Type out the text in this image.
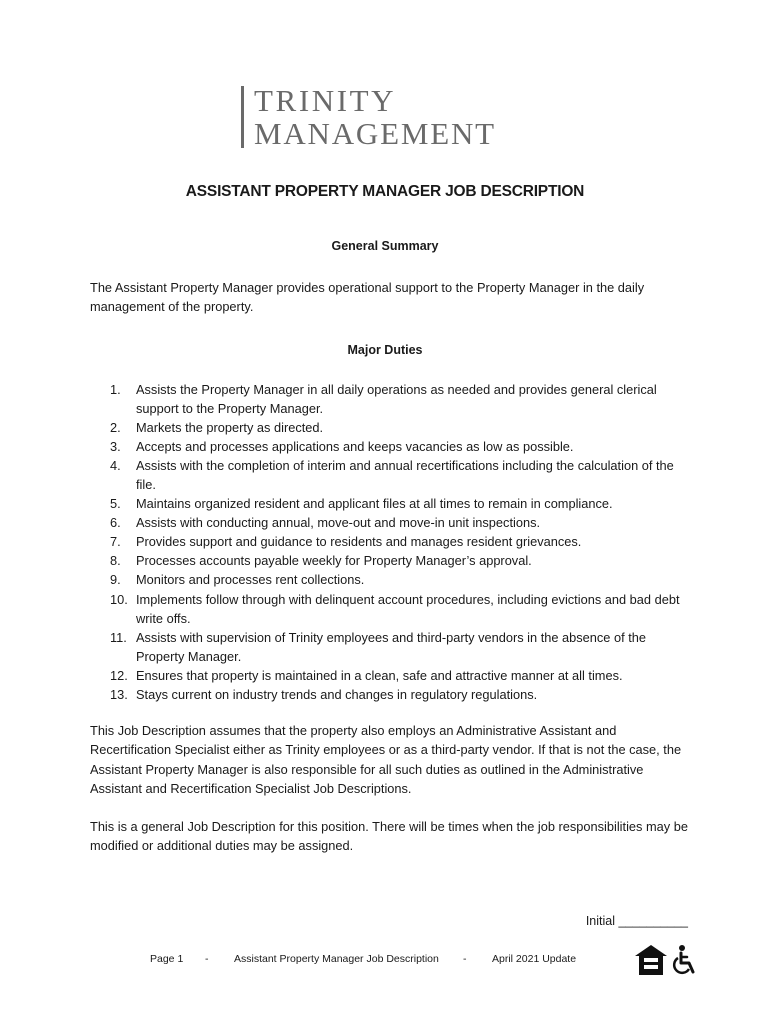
TRINITY
MANAGEMENT
ASSISTANT PROPERTY MANAGER JOB DESCRIPTION
General Summary
The Assistant Property Manager provides operational support to the Property Manager in the daily management of the property.
Major Duties
1. Assists the Property Manager in all daily operations as needed and provides general clerical support to the Property Manager.
2. Markets the property as directed.
3. Accepts and processes applications and keeps vacancies as low as possible.
4. Assists with the completion of interim and annual recertifications including the calculation of the file.
5. Maintains organized resident and applicant files at all times to remain in compliance.
6. Assists with conducting annual, move-out and move-in unit inspections.
7. Provides support and guidance to residents and manages resident grievances.
8. Processes accounts payable weekly for Property Manager’s approval.
9. Monitors and processes rent collections.
10. Implements follow through with delinquent account procedures, including evictions and bad debt write offs.
11. Assists with supervision of Trinity employees and third-party vendors in the absence of the Property Manager.
12. Ensures that property is maintained in a clean, safe and attractive manner at all times.
13. Stays current on industry trends and changes in regulatory regulations.
This Job Description assumes that the property also employs an Administrative Assistant and Recertification Specialist either as Trinity employees or as a third-party vendor. If that is not the case, the Assistant Property Manager is also responsible for all such duties as outlined in the Administrative Assistant and Recertification Specialist Job Descriptions.
This is a general Job Description for this position. There will be times when the job responsibilities may be modified or additional duties may be assigned.
Initial __________
Page 1 - Assistant Property Manager Job Description - April 2021 Update
